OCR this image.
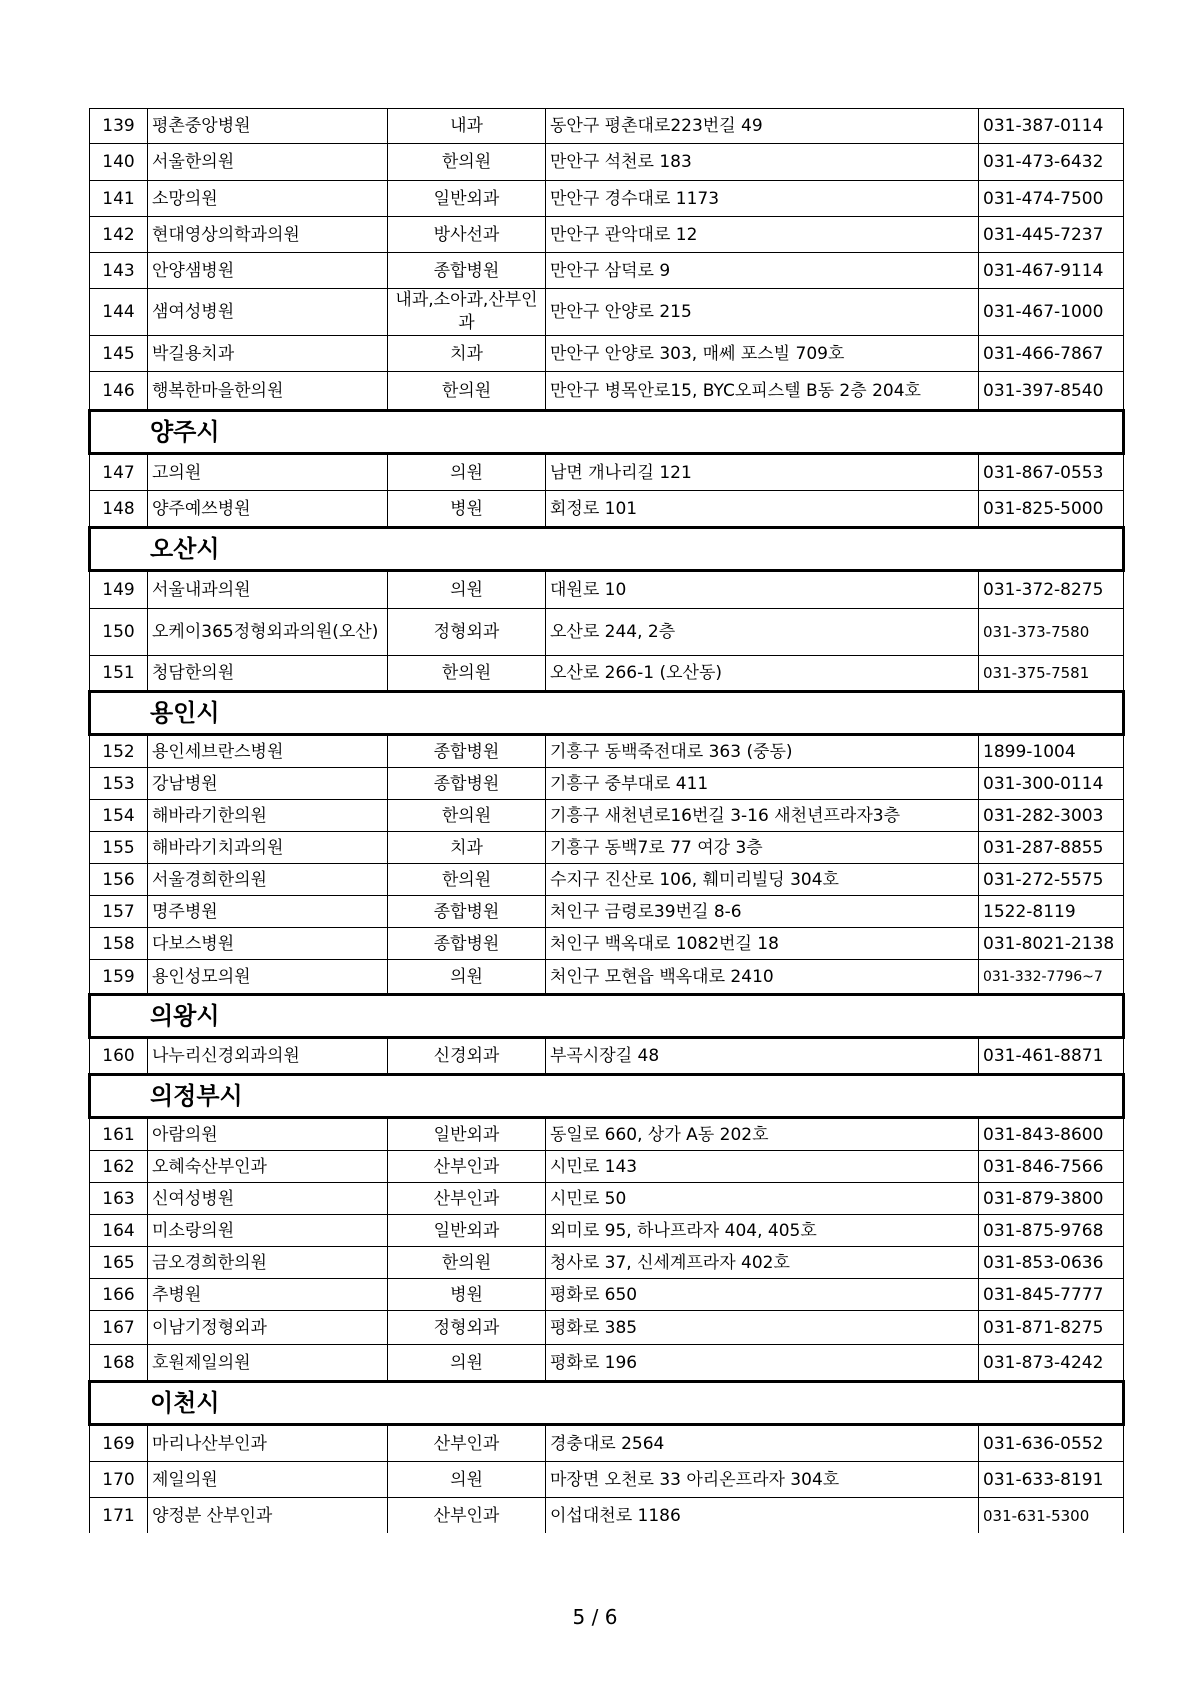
139	평촌중앙병원	내과	동안구 평촌대로223번길 49	031-387-0114
140	서울한의원	한의원	만안구 석천로 183	031-473-6432
141	소망의원	일반외과	만안구 경수대로 1173	031-474-7500
142	현대영상의학과의원	방사선과	만안구 관악대로 12	031-445-7237
143	안양샘병원	종합병원	만안구 삼덕로 9	031-467-9114
144	샘여성병원	내과,소아과,산부인과	만안구 안양로 215	031-467-1000
145	박길용치과	치과	만안구 안양로 303, 매쎄 포스빌 709호	031-466-7867
146	행복한마을한의원	한의원	만안구 병목안로15, BYC오피스텔 B동 2층 204호	031-397-8540
양주시				
147	고의원	의원	남면 개나리길 121	031-867-0553
148	양주예쓰병원	병원	회정로 101	031-825-5000
오산시				
149	서울내과의원	의원	대원로 10	031-372-8275
150	오케이365정형외과의원(오산)	정형외과	오산로 244, 2층	031-373-7580
151	청담한의원	한의원	오산로 266-1 (오산동)	031-375-7581
용인시				
152	용인세브란스병원	종합병원	기흥구 동백죽전대로 363 (중동)	1899-1004
153	강남병원	종합병원	기흥구 중부대로 411	031-300-0114
154	해바라기한의원	한의원	기흥구 새천년로16번길 3-16 새천년프라자3층	031-282-3003
155	해바라기치과의원	치과	기흥구 동백7로 77 여강 3층	031-287-8855
156	서울경희한의원	한의원	수지구 진산로 106, 훼미리빌딩 304호	031-272-5575
157	명주병원	종합병원	처인구 금령로39번길 8-6	1522-8119
158	다보스병원	종합병원	처인구 백옥대로 1082번길 18	031-8021-2138
159	용인성모의원	의원	처인구 모현읍 백옥대로 2410	031-332-7796~7
의왕시				
160	나누리신경외과의원	신경외과	부곡시장길 48	031-461-8871
의정부시				
161	아람의원	일반외과	동일로 660, 상가 A동 202호	031-843-8600
162	오혜숙산부인과	산부인과	시민로 143	031-846-7566
163	신여성병원	산부인과	시민로 50	031-879-3800
164	미소랑의원	일반외과	외미로 95, 하나프라자 404, 405호	031-875-9768
165	금오경희한의원	한의원	청사로 37, 신세계프라자 402호	031-853-0636
166	추병원	병원	평화로 650	031-845-7777
167	이남기정형외과	정형외과	평화로 385	031-871-8275
168	호원제일의원	의원	평화로 196	031-873-4242
이천시				
169	마리나산부인과	산부인과	경충대로 2564	031-636-0552
170	제일의원	의원	마장면 오천로 33 아리온프라자 304호	031-633-8191
171	양정분 산부인과	산부인과	이섭대천로 1186	031-631-5300
5 / 6
